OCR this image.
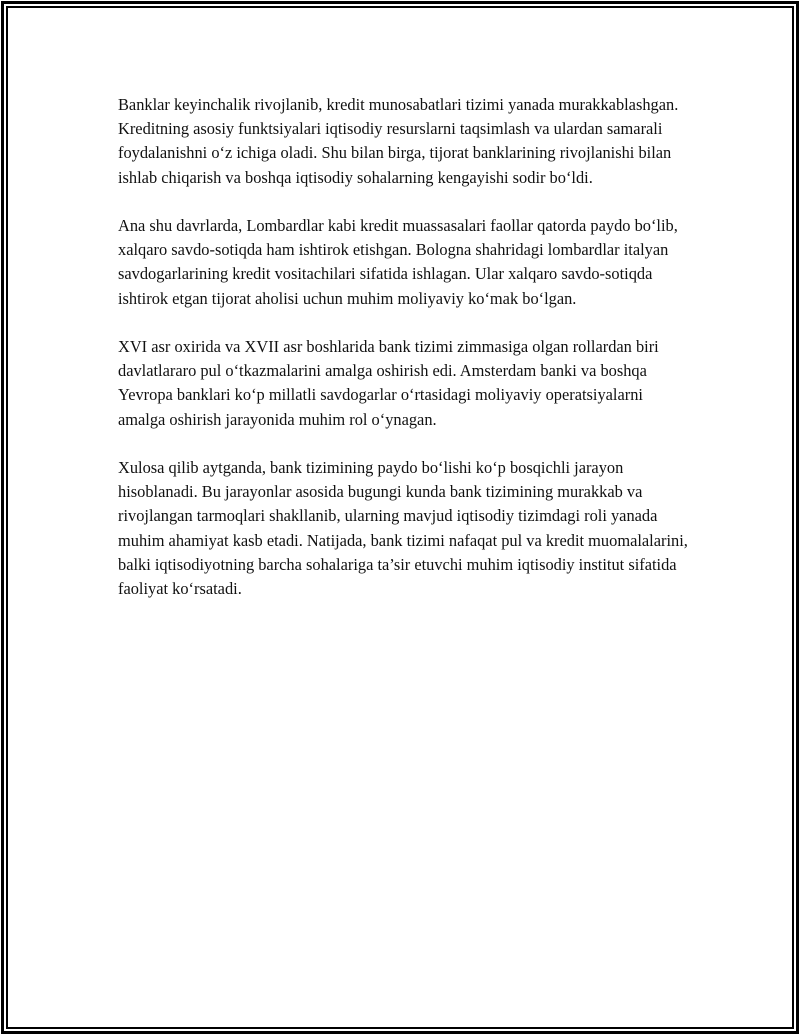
Banklar keyinchalik rivojlanib, kredit munosabatlari tizimi yanada murakkablashgan. Kreditning asosiy funktsiyalari iqtisodiy resurslarni taqsimlash va ulardan samarali foydalanishni o‘z ichiga oladi. Shu bilan birga, tijorat banklarining rivojlanishi bilan ishlab chiqarish va boshqa iqtisodiy sohalarning kengayishi sodir bo‘ldi.

Ana shu davrlarda, Lombardlar kabi kredit muassasalari faollar qatorda paydo bo‘lib, xalqaro savdo-sotiqda ham ishtirok etishgan. Bologna shahridagi lombardlar italyan savdogarlarining kredit vositachilari sifatida ishlagan. Ular xalqaro savdo-sotiqda ishtirok etgan tijorat aholisi uchun muhim moliyaviy ko‘mak bo‘lgan.

XVI asr oxirida va XVII asr boshlarida bank tizimi zimmasiga olgan rollardan biri davlatlararo pul o‘tkazmalarini amalga oshirish edi. Amsterdam banki va boshqa Yevropa banklari ko‘p millatli savdogarlar o‘rtasidagi moliyaviy operatsiyalarni amalga oshirish jarayonida muhim rol o‘ynagan.

Xulosa qilib aytganda, bank tizimining paydo bo‘lishi ko‘p bosqichli jarayon hisoblanadi. Bu jarayonlar asosida bugungi kunda bank tizimining murakkab va rivojlangan tarmoqlari shakllanib, ularning mavjud iqtisodiy tizimdagi roli yanada muhim ahamiyat kasb etadi. Natijada, bank tizimi nafaqat pul va kredit muomalalarini, balki iqtisodiyotning barcha sohalariga ta’sir etuvchi muhim iqtisodiy institut sifatida faoliyat ko‘rsatadi.
